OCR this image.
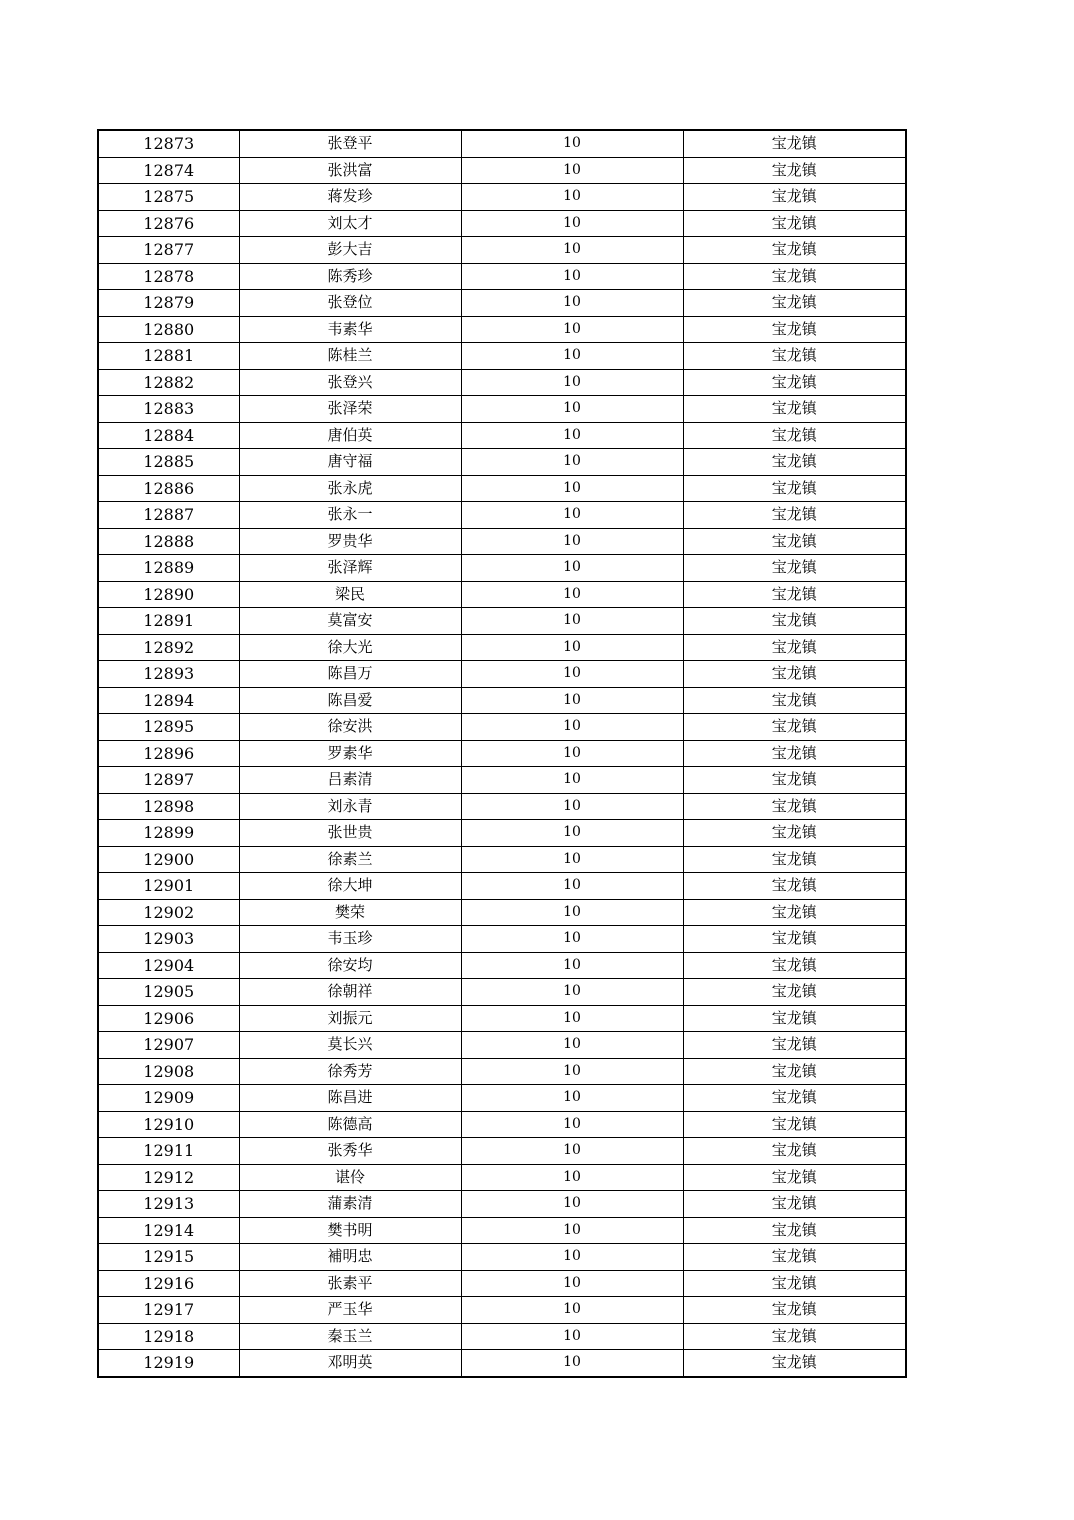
12873	张登平	10	宝龙镇
12874	张洪富	10	宝龙镇
12875	蒋发珍	10	宝龙镇
12876	刘太才	10	宝龙镇
12877	彭大吉	10	宝龙镇
12878	陈秀珍	10	宝龙镇
12879	张登位	10	宝龙镇
12880	韦素华	10	宝龙镇
12881	陈桂兰	10	宝龙镇
12882	张登兴	10	宝龙镇
12883	张泽荣	10	宝龙镇
12884	唐伯英	10	宝龙镇
12885	唐守福	10	宝龙镇
12886	张永虎	10	宝龙镇
12887	张永一	10	宝龙镇
12888	罗贵华	10	宝龙镇
12889	张泽辉	10	宝龙镇
12890	梁民	10	宝龙镇
12891	莫富安	10	宝龙镇
12892	徐大光	10	宝龙镇
12893	陈昌万	10	宝龙镇
12894	陈昌爱	10	宝龙镇
12895	徐安洪	10	宝龙镇
12896	罗素华	10	宝龙镇
12897	吕素清	10	宝龙镇
12898	刘永青	10	宝龙镇
12899	张世贵	10	宝龙镇
12900	徐素兰	10	宝龙镇
12901	徐大坤	10	宝龙镇
12902	樊荣	10	宝龙镇
12903	韦玉珍	10	宝龙镇
12904	徐安均	10	宝龙镇
12905	徐朝祥	10	宝龙镇
12906	刘振元	10	宝龙镇
12907	莫长兴	10	宝龙镇
12908	徐秀芳	10	宝龙镇
12909	陈昌进	10	宝龙镇
12910	陈德高	10	宝龙镇
12911	张秀华	10	宝龙镇
12912	谌伶	10	宝龙镇
12913	蒲素清	10	宝龙镇
12914	樊书明	10	宝龙镇
12915	補明忠	10	宝龙镇
12916	张素平	10	宝龙镇
12917	严玉华	10	宝龙镇
12918	秦玉兰	10	宝龙镇
12919	邓明英	10	宝龙镇
